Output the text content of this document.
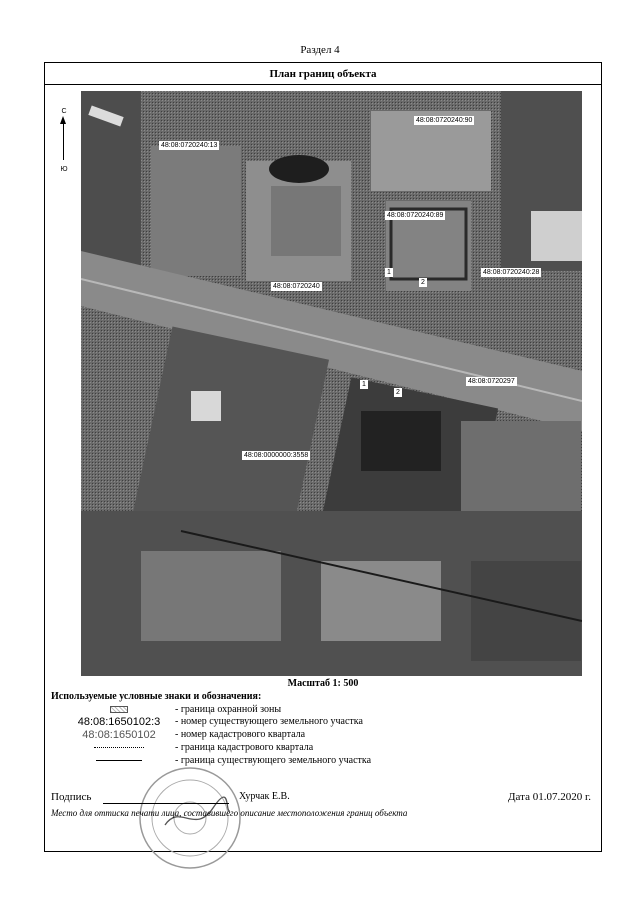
Раздел 4
План границ объекта
С
Ю
48:08:0720240:13
48:08:0720240:90
48:08:0720240:89
48:08:0720240:28
48:08:0720240
48:08:0720297
48:08:0000000:3558
1
2
1
2
Масштаб 1: 500
Используемые условные знаки и обозначения:
- граница охранной зоны
48:08:1650102:3	- номер существующего земельного участка
48:08:1650102	- номер кадастрового квартала
- граница кадастрового квартала
- граница существующего земельного участка
Подпись	Хурчак Е.В.	Дата 01.07.2020 г.
Место для оттиска печати лица, составившего описание местоположения границ объекта
